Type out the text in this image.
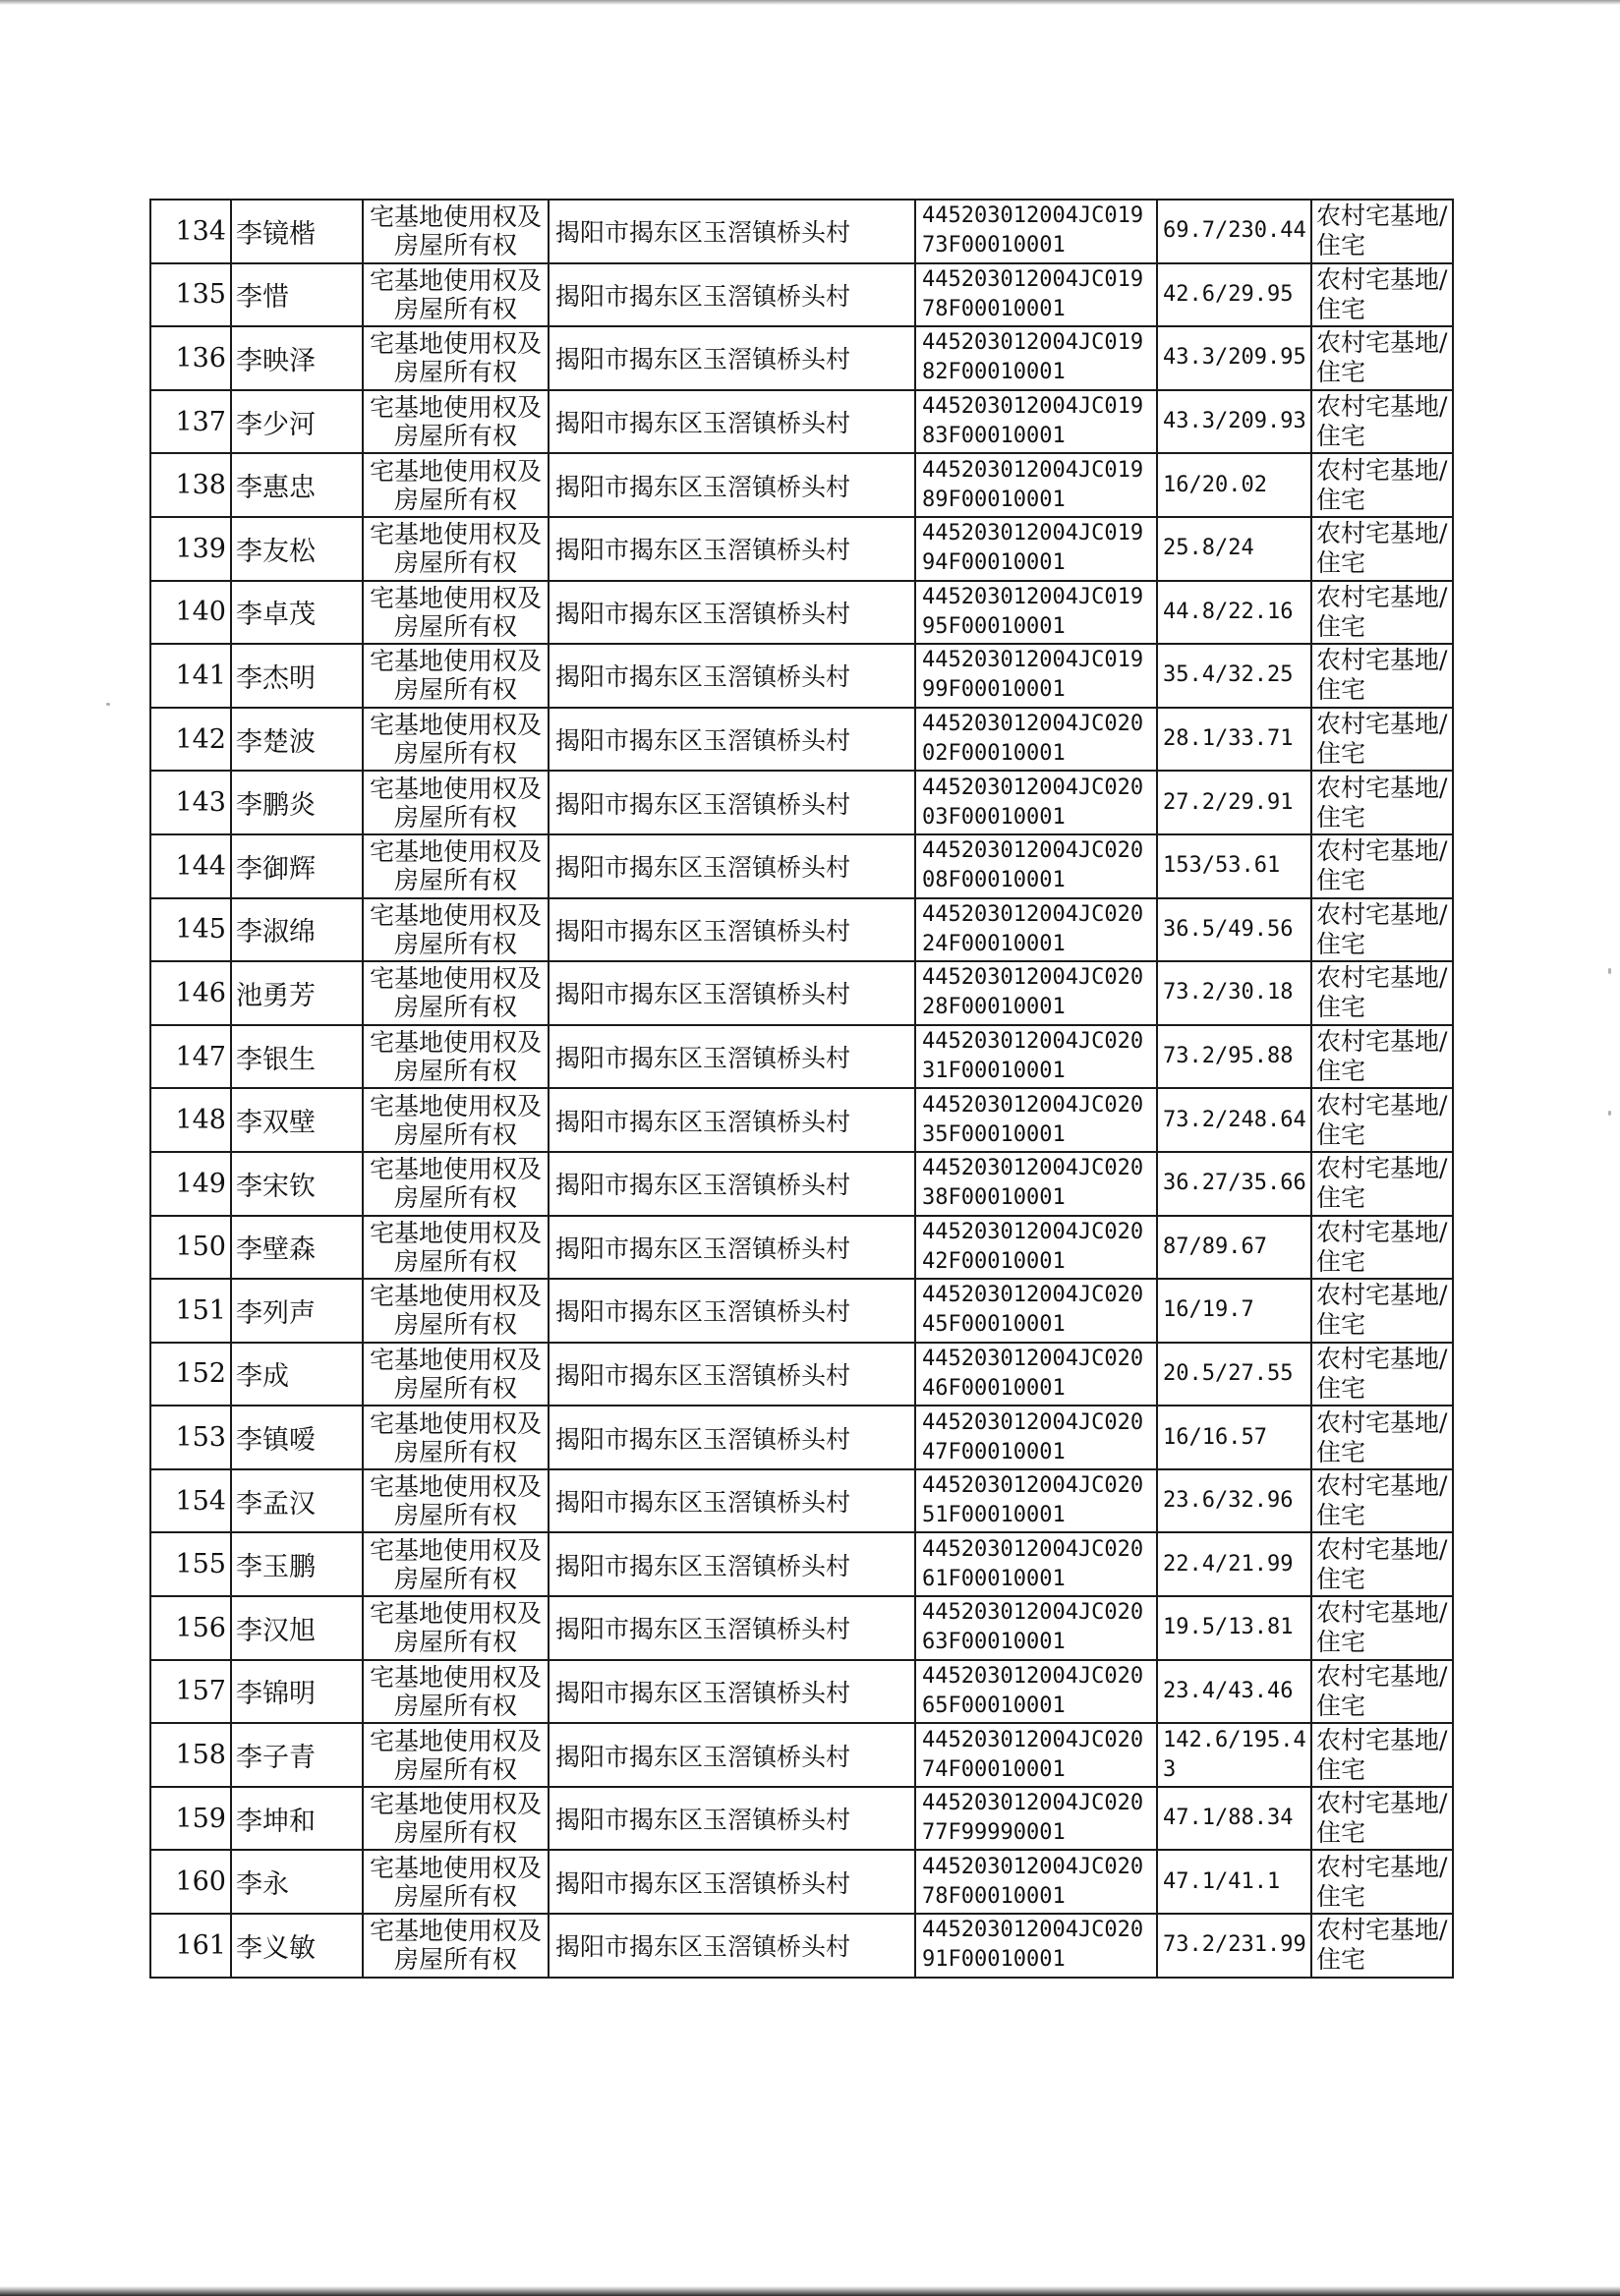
134	李镜楷	宅基地使用权及房屋所有权	揭阳市揭东区玉滘镇桥头村	445203012004JC01973F00010001	69.7/230.44	农村宅基地/住宅

135	李惜	宅基地使用权及房屋所有权	揭阳市揭东区玉滘镇桥头村	445203012004JC01978F00010001	42.6/29.95	农村宅基地/住宅

136	李映泽	宅基地使用权及房屋所有权	揭阳市揭东区玉滘镇桥头村	445203012004JC01982F00010001	43.3/209.95	农村宅基地/住宅

137	李少河	宅基地使用权及房屋所有权	揭阳市揭东区玉滘镇桥头村	445203012004JC01983F00010001	43.3/209.93	农村宅基地/住宅

138	李惠忠	宅基地使用权及房屋所有权	揭阳市揭东区玉滘镇桥头村	445203012004JC01989F00010001	16/20.02	农村宅基地/住宅

139	李友松	宅基地使用权及房屋所有权	揭阳市揭东区玉滘镇桥头村	445203012004JC01994F00010001	25.8/24	农村宅基地/住宅

140	李卓茂	宅基地使用权及房屋所有权	揭阳市揭东区玉滘镇桥头村	445203012004JC01995F00010001	44.8/22.16	农村宅基地/住宅

141	李杰明	宅基地使用权及房屋所有权	揭阳市揭东区玉滘镇桥头村	445203012004JC01999F00010001	35.4/32.25	农村宅基地/住宅

142	李楚波	宅基地使用权及房屋所有权	揭阳市揭东区玉滘镇桥头村	445203012004JC02002F00010001	28.1/33.71	农村宅基地/住宅

143	李鹏炎	宅基地使用权及房屋所有权	揭阳市揭东区玉滘镇桥头村	445203012004JC02003F00010001	27.2/29.91	农村宅基地/住宅

144	李御辉	宅基地使用权及房屋所有权	揭阳市揭东区玉滘镇桥头村	445203012004JC02008F00010001	153/53.61	农村宅基地/住宅

145	李淑绵	宅基地使用权及房屋所有权	揭阳市揭东区玉滘镇桥头村	445203012004JC02024F00010001	36.5/49.56	农村宅基地/住宅

146	池勇芳	宅基地使用权及房屋所有权	揭阳市揭东区玉滘镇桥头村	445203012004JC02028F00010001	73.2/30.18	农村宅基地/住宅

147	李银生	宅基地使用权及房屋所有权	揭阳市揭东区玉滘镇桥头村	445203012004JC02031F00010001	73.2/95.88	农村宅基地/住宅

148	李双壁	宅基地使用权及房屋所有权	揭阳市揭东区玉滘镇桥头村	445203012004JC02035F00010001	73.2/248.64	农村宅基地/住宅

149	李宋钦	宅基地使用权及房屋所有权	揭阳市揭东区玉滘镇桥头村	445203012004JC02038F00010001	36.27/35.66	农村宅基地/住宅

150	李壁森	宅基地使用权及房屋所有权	揭阳市揭东区玉滘镇桥头村	445203012004JC02042F00010001	87/89.67	农村宅基地/住宅

151	李列声	宅基地使用权及房屋所有权	揭阳市揭东区玉滘镇桥头村	445203012004JC02045F00010001	16/19.7	农村宅基地/住宅

152	李成	宅基地使用权及房屋所有权	揭阳市揭东区玉滘镇桥头村	445203012004JC02046F00010001	20.5/27.55	农村宅基地/住宅

153	李镇嗳	宅基地使用权及房屋所有权	揭阳市揭东区玉滘镇桥头村	445203012004JC02047F00010001	16/16.57	农村宅基地/住宅

154	李孟汉	宅基地使用权及房屋所有权	揭阳市揭东区玉滘镇桥头村	445203012004JC02051F00010001	23.6/32.96	农村宅基地/住宅

155	李玉鹏	宅基地使用权及房屋所有权	揭阳市揭东区玉滘镇桥头村	445203012004JC02061F00010001	22.4/21.99	农村宅基地/住宅

156	李汉旭	宅基地使用权及房屋所有权	揭阳市揭东区玉滘镇桥头村	445203012004JC02063F00010001	19.5/13.81	农村宅基地/住宅

157	李锦明	宅基地使用权及房屋所有权	揭阳市揭东区玉滘镇桥头村	445203012004JC02065F00010001	23.4/43.46	农村宅基地/住宅

158	李子青	宅基地使用权及房屋所有权	揭阳市揭东区玉滘镇桥头村	445203012004JC02074F00010001	142.6/195.43	农村宅基地/住宅

159	李坤和	宅基地使用权及房屋所有权	揭阳市揭东区玉滘镇桥头村	445203012004JC02077F99990001	47.1/88.34	农村宅基地/住宅

160	李永	宅基地使用权及房屋所有权	揭阳市揭东区玉滘镇桥头村	445203012004JC02078F00010001	47.1/41.1	农村宅基地/住宅

161	李义敏	宅基地使用权及房屋所有权	揭阳市揭东区玉滘镇桥头村	445203012004JC02091F00010001	73.2/231.99	农村宅基地/住宅
